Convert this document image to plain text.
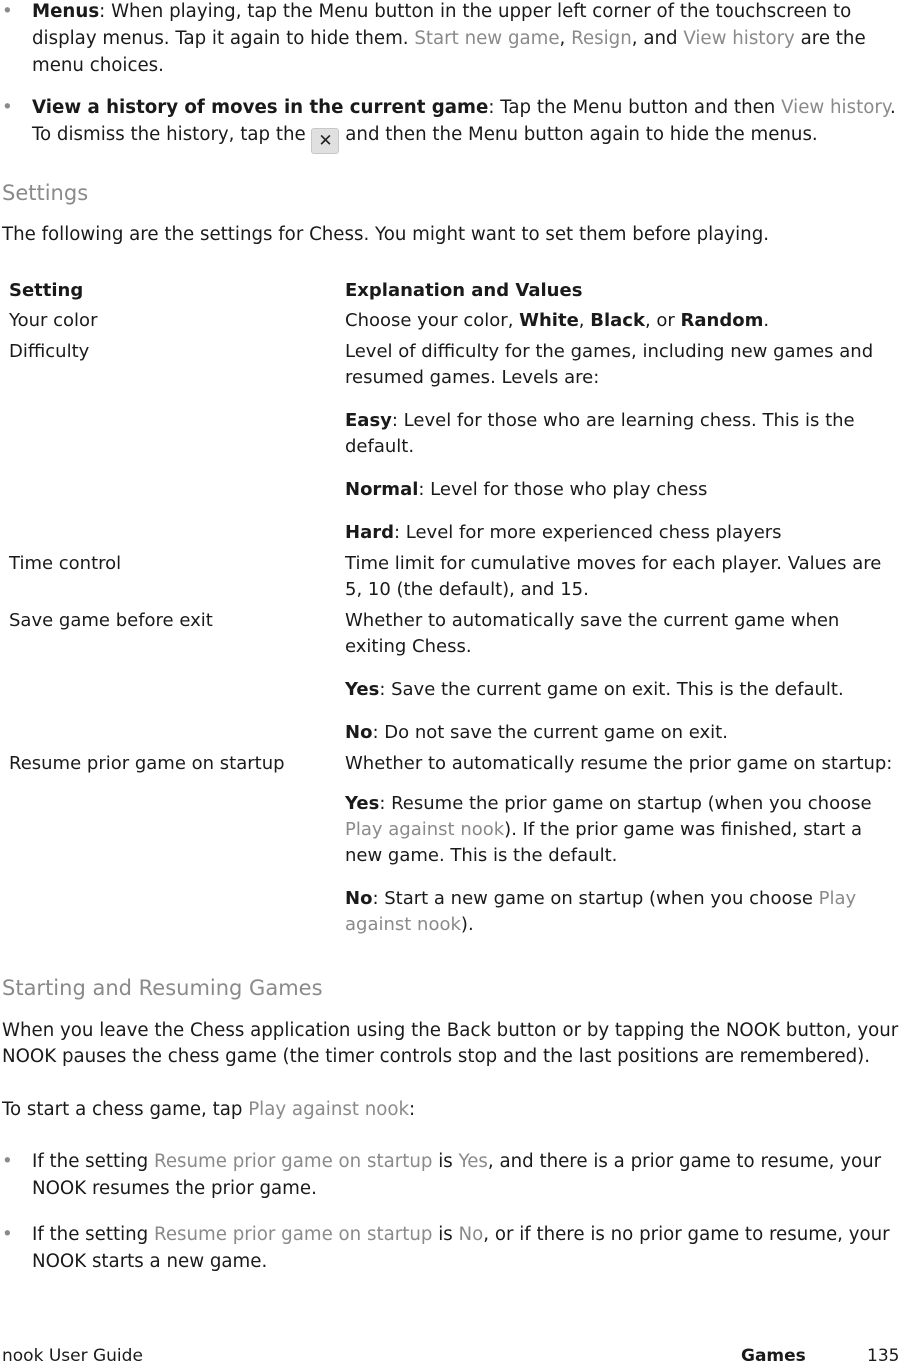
• Menus: When playing, tap the Menu button in the upper left corner of the touchscreen to display menus. Tap it again to hide them. Start new game, Resign, and View history are the menu choices.
• View a history of moves in the current game: Tap the Menu button and then View history. To dismiss the history, tap the ✕ and then the Menu button again to hide the menus.
Settings
The following are the settings for Chess. You might want to set them before playing.
Setting	Explanation and Values
Your color	Choose your color, White, Black, or Random.
Difficulty	Level of difficulty for the games, including new games and resumed games. Levels are:
Easy: Level for those who are learning chess. This is the default.
Normal: Level for those who play chess
Hard: Level for more experienced chess players

Time control	Time limit for cumulative moves for each player. Values are 5, 10 (the default), and 15.
Save game before exit	Whether to automatically save the current game when exiting Chess.
Yes: Save the current game on exit. This is the default.
No: Do not save the current game on exit.

Resume prior game on startup	Whether to automatically resume the prior game on startup:
Yes: Resume the prior game on startup (when you choose Play against nook). If the prior game was finished, start a new game. This is the default.
No: Start a new game on startup (when you choose Play against nook).
Starting and Resuming Games
When you leave the Chess application using the Back button or by tapping the NOOK button, your NOOK pauses the chess game (the timer controls stop and the last positions are remembered).
To start a chess game, tap Play against nook:
• If the setting Resume prior game on startup is Yes, and there is a prior game to resume, your NOOK resumes the prior game.
• If the setting Resume prior game on startup is No, or if there is no prior game to resume, your NOOK starts a new game.
nook User Guide	Games	135
